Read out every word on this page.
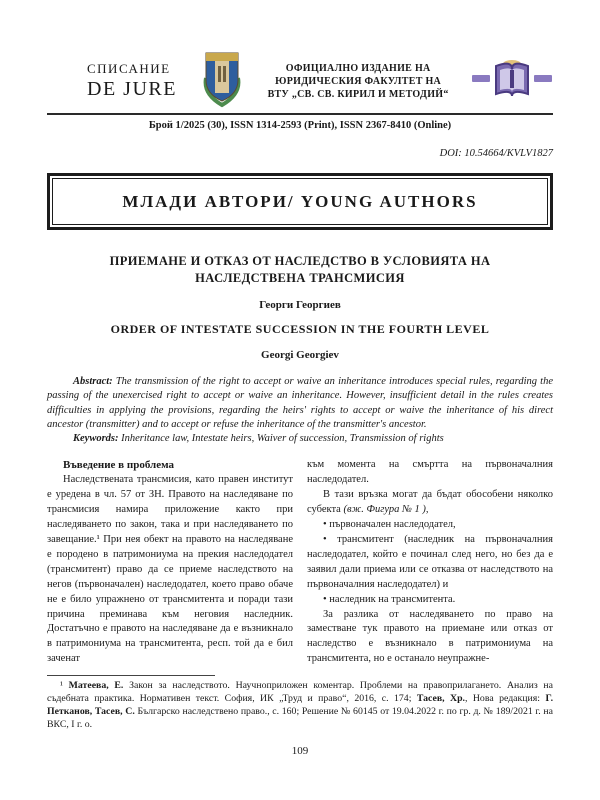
СПИСАНИЕ
DE JURE
ОФИЦИАЛНО ИЗДАНИЕ НА
ЮРИДИЧЕСКИЯ ФАКУЛТЕТ НА
ВТУ „СВ. СВ. КИРИЛ И МЕТОДИЙ“
Брой 1/2025 (30), ISSN 1314-2593 (Print), ISSN 2367-8410 (Online)
DOI: 10.54664/KVLV1827
МЛАДИ АВТОРИ/ YOUNG AUTHORS
ПРИЕМАНЕ И ОТКАЗ ОТ НАСЛЕДСТВО В УСЛОВИЯТА НА НАСЛЕДСТВЕНА ТРАНСМИСИЯ
Георги Георгиев
ORDER OF INTESTATE SUCCESSION IN THE FOURTH LEVEL
Georgi Georgiev

Abstract: The transmission of the right to accept or waive an inheritance introduces special rules, regarding the passing of the unexercised right to accept or waive an inheritance. However, insufficient detail in the rules creates difficulties in applying the provisions, regarding the heirs' rights to accept or waive the inheritance of his direct ancestor (transmitter) and to accept or refuse the inheritance of the transmitter's ancestor.

Keywords: Inheritance law, Intestate heirs, Waiver of succession, Transmission of rights

Въведение в проблема

Наследствената трансмисия, като правен институт е уредена в чл. 57 от ЗН. Правото на наследяване по трансмисия намира приложение както при наследяването по закон, така и при наследяването по завещание.¹ При нея обект на правото на наследяване е породено в патримониума на прекия наследодател (трансмитент) право да се приеме наследството на негов (първоначален) наследодател, което право обаче не е било упражнено от трансмитента и поради тази причина преминава към неговия наследник. Достатъчно е правото на наследяване да е възникнало в патримониума на трансмитента, респ. той да е бил заченат

към момента на смъртта на първоначалния наследодател.

В тази връзка могат да бъдат обособени няколко субекта (вж. Фигура № 1 ),

• първоначален наследодател,

• трансмитент (наследник на първоначалния наследодател, който е починал след него, но без да е заявил дали приема или се отказва от наследството на първоначалния наследодател) и

• наследник на трансмитента.

За разлика от наследяването по право на заместване тук правото на приемане или отказ от наследство е възникнало в патримониума на трансмитента, но е останало неупражне-

¹ Матеева, Е. Закон за наследството. Научноприложен коментар. Проблеми на правоприлагането. Анализ на съдебната практика. Нормативен текст. София, ИК „Труд и право“, 2016, с. 174; Тасев, Хр., Нова редакция: Г. Петканов, Тасев, С. Българско наследствено право., с. 160; Решение № 60145 от 19.04.2022 г. по гр. д. № 189/2021 г. на ВКС, I г. о.

109
